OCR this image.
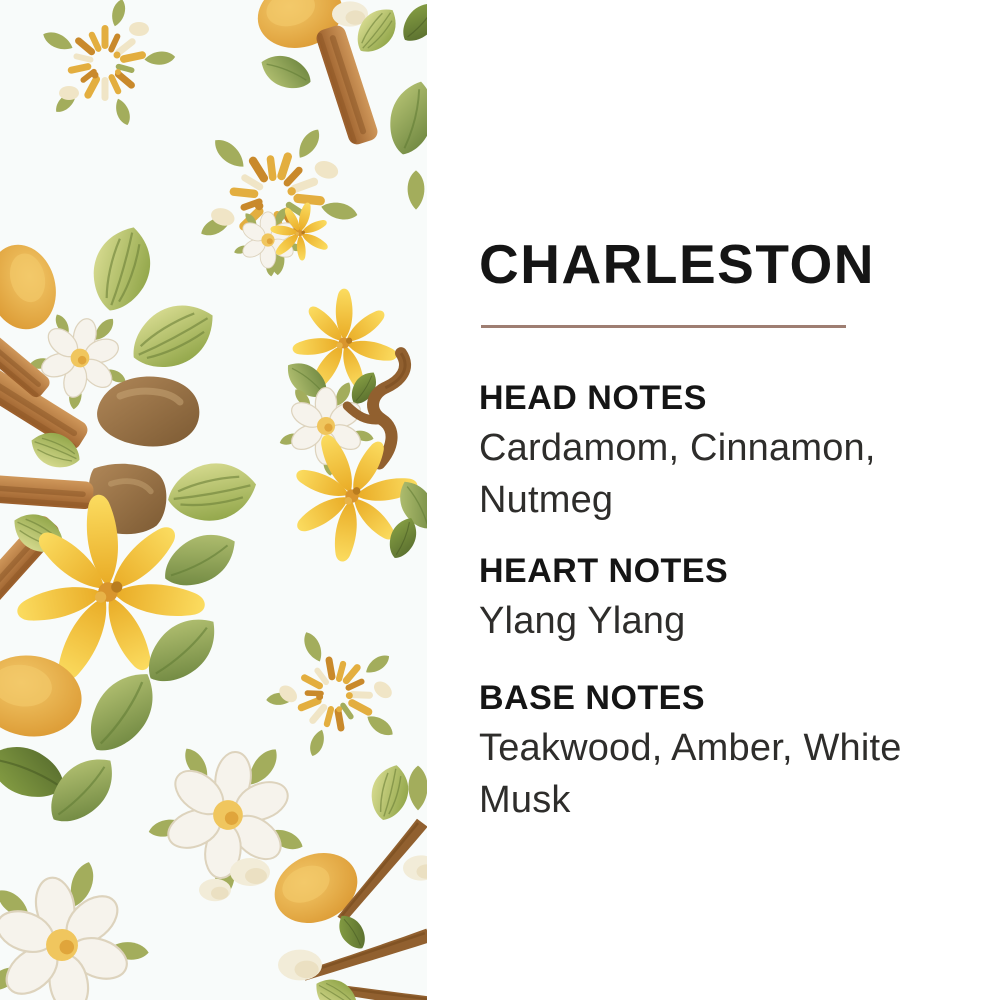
CHARLESTON
HEAD NOTES
Cardamom, Cinnamon, Nutmeg
HEART NOTES
Ylang Ylang
BASE NOTES
Teakwood, Amber, White Musk
